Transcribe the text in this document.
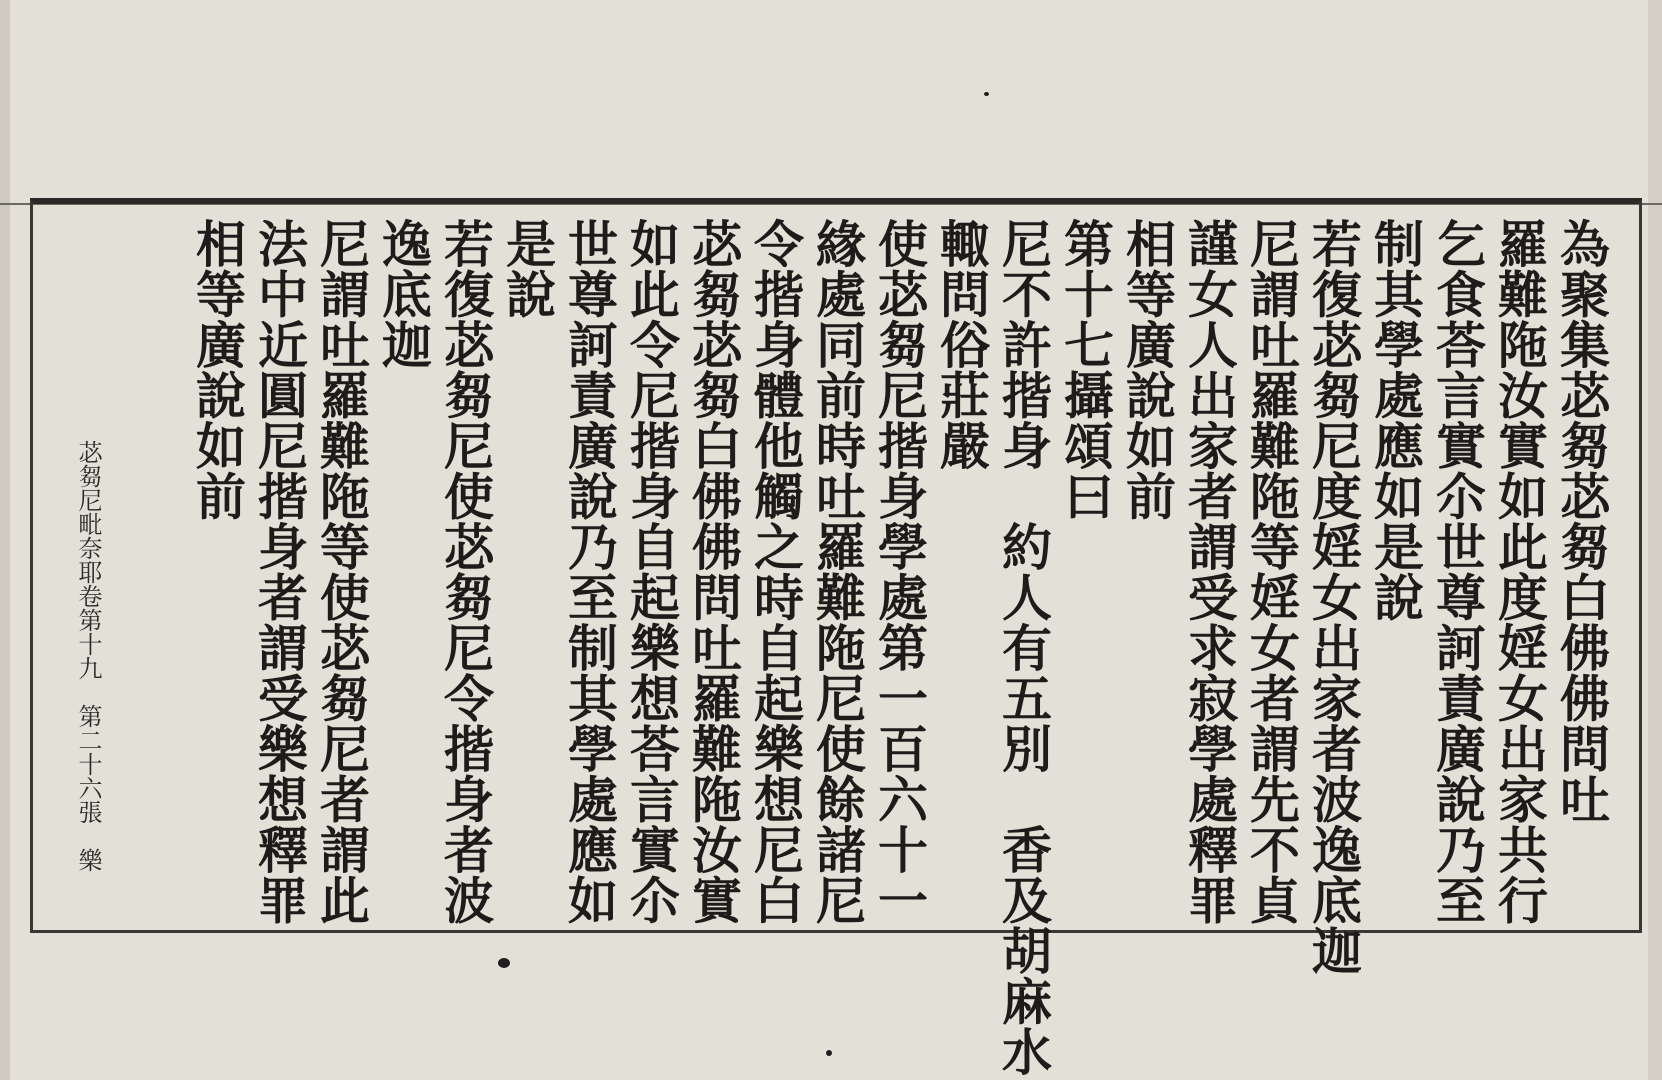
為聚集苾芻苾芻白佛佛問吐
羅難陁汝實如此度婬女出家共行
乞食荅言實尒世尊訶責廣說乃至
制其學處應如是說
若復苾芻尼度婬女出家者波逸底迦
尼謂吐羅難陁等婬女者謂先不貞
謹女人出家者謂受求寂學處釋罪
相等廣說如前
第十七攝頌曰
尼不許揩身　約人有五別　香及胡麻水
輙問俗莊嚴
使苾芻尼揩身學處第一百六十一
緣處同前時吐羅難陁尼使餘諸尼
令揩身體他觸之時自起樂想尼白
苾芻苾芻白佛佛問吐羅難陁汝實
如此令尼揩身自起樂想荅言實尒
世尊訶責廣說乃至制其學處應如
是說
若復苾芻尼使苾芻尼令揩身者波
逸底迦
尼謂吐羅難陁等使苾芻尼者謂此
法中近圓尼揩身者謂受樂想釋罪
相等廣說如前
苾芻尼毗奈耶卷第十九　第二十六張　樂
